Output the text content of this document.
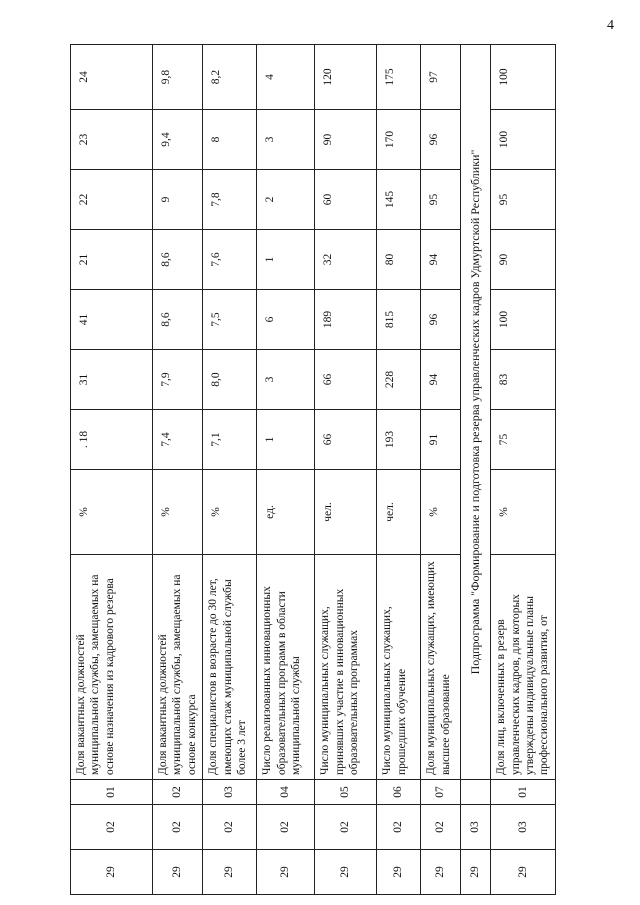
4
29	02	01	Доля вакантных должностей муниципальной службы, замещаемых на основе назначения из кадрового резерва	%	. 18	31	41	21	22	23	24
29	02	02	Доля вакантных должностей муниципальной службы, замещаемых на основе конкурса	%	7,4	7,9	8,6	8,6	9	9,4	9,8
29	02	03	Доля специалистов в возрасте до 30 лет, имеющих стаж муниципальной службы более 3 лет	%	7,1	8,0	7,5	7,6	7,8	8	8,2
29	02	04	Число реализованных инновационных образовательных программ в области муниципальной службы	ед.	1	3	6	1	2	3	4
29	02	05	Число муниципальных служащих, принявших участие в инновационных образовательных программах	чел.	66	66	189	32	60	90	120
29	02	06	Число муниципальных служащих, прошедших обучение	чел.	193	228	815	80	145	170	175
29	02	07	Доля муниципальных служащих, имеющих высшее образование	%	91	94	96	94	95	96	97
29	03		Подпрограмма "Формирование и подготовка резерва управленческих кадров Удмуртской Республики"								
29	03	01	Доля лиц, включенных в резерв управленческих кадров, для которых утверждены индивидуальные планы профессионального развития, от	%	75	83	100	90	95	100	100
